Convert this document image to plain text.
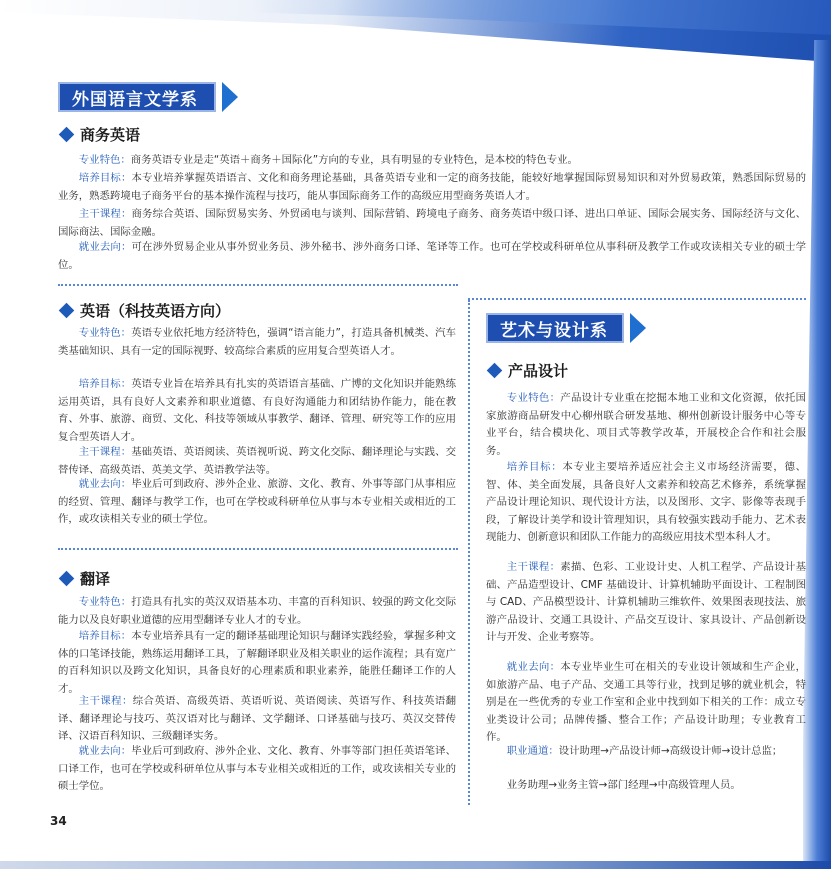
外国语言文学系
商务英语
专业特色：商务英语专业是走“英语＋商务＋国际化”方向的专业，具有明显的专业特色，是本校的特色专业。
培养目标：本专业培养掌握英语语言、文化和商务理论基础，具备英语专业和一定的商务技能，能较好地掌握国际贸易知识和对外贸易政策，熟悉国际贸易的业务，熟悉跨境电子商务平台的基本操作流程与技巧，能从事国际商务工作的高级应用型商务英语人才。
主干课程：商务综合英语、国际贸易实务、外贸函电与谈判、国际营销、跨境电子商务、商务英语中级口译、进出口单证、国际会展实务、国际经济与文化、国际商法、国际金融。
就业去向：可在涉外贸易企业从事外贸业务员、涉外秘书、涉外商务口译、笔译等工作。也可在学校或科研单位从事科研及教学工作或攻读相关专业的硕士学位。
英语（科技英语方向）
专业特色：英语专业依托地方经济特色，强调“语言能力”，打造具备机械类、汽车类基础知识、具有一定的国际视野、较高综合素质的应用复合型英语人才。
培养目标：英语专业旨在培养具有扎实的英语语言基础、广博的文化知识并能熟练运用英语，具有良好人文素养和职业道德、有良好沟通能力和团结协作能力，能在教育、外事、旅游、商贸、文化、科技等领域从事教学、翻译、管理、研究等工作的应用复合型英语人才。
主干课程：基础英语、英语阅读、英语视听说、跨文化交际、翻译理论与实践、交替传译、高级英语、英美文学、英语教学法等。
就业去向：毕业后可到政府、涉外企业、旅游、文化、教育、外事等部门从事相应的经贸、管理、翻译与教学工作，也可在学校或科研单位从事与本专业相关或相近的工作，或攻读相关专业的硕士学位。
翻译
专业特色：打造具有扎实的英汉双语基本功、丰富的百科知识、较强的跨文化交际能力以及良好职业道德的应用型翻译专业人才的专业。
培养目标：本专业培养具有一定的翻译基础理论知识与翻译实践经验，掌握多种文体的口笔译技能，熟练运用翻译工具，了解翻译职业及相关职业的运作流程；具有宽广的百科知识以及跨文化知识，具备良好的心理素质和职业素养，能胜任翻译工作的人才。
主干课程：综合英语、高级英语、英语听说、英语阅读、英语写作、科技英语翻译、翻译理论与技巧、英汉语对比与翻译、文学翻译、口译基础与技巧、英汉交替传译、汉语百科知识、三级翻译实务。
就业去向：毕业后可到政府、涉外企业、文化、教育、外事等部门担任英语笔译、口译工作，也可在学校或科研单位从事与本专业相关或相近的工作，或攻读相关专业的硕士学位。
艺术与设计系
产品设计
专业特色：产品设计专业重在挖掘本地工业和文化资源，依托国家旅游商品研发中心柳州联合研发基地、柳州创新设计服务中心等专业平台，结合模块化、项目式等教学改革，开展校企合作和社会服务。
培养目标：本专业主要培养适应社会主义市场经济需要，德、智、体、美全面发展，具备良好人文素养和较高艺术修养，系统掌握产品设计理论知识、现代设计方法，以及图形、文字、影像等表现手段，了解设计美学和设计管理知识，具有较强实践动手能力、艺术表现能力、创新意识和团队工作能力的高级应用技术型本科人才。
主干课程：素描、色彩、工业设计史、人机工程学、产品设计基础、产品造型设计、CMF 基础设计、计算机辅助平面设计、工程制图与 CAD、产品模型设计、计算机辅助三维软件、效果图表现技法、旅游产品设计、交通工具设计、产品交互设计、家具设计、产品创新设计与开发、企业考察等。
就业去向：本专业毕业生可在相关的专业设计领域和生产企业，如旅游产品、电子产品、交通工具等行业，找到足够的就业机会，特别是在一些优秀的专业工作室和企业中找到如下相关的工作：成立专业类设计公司；品牌传播、整合工作；产品设计助理；专业教育工作。
职业通道：设计助理→产品设计师→高级设计师→设计总监；
业务助理→业务主管→部门经理→中高级管理人员。
34
